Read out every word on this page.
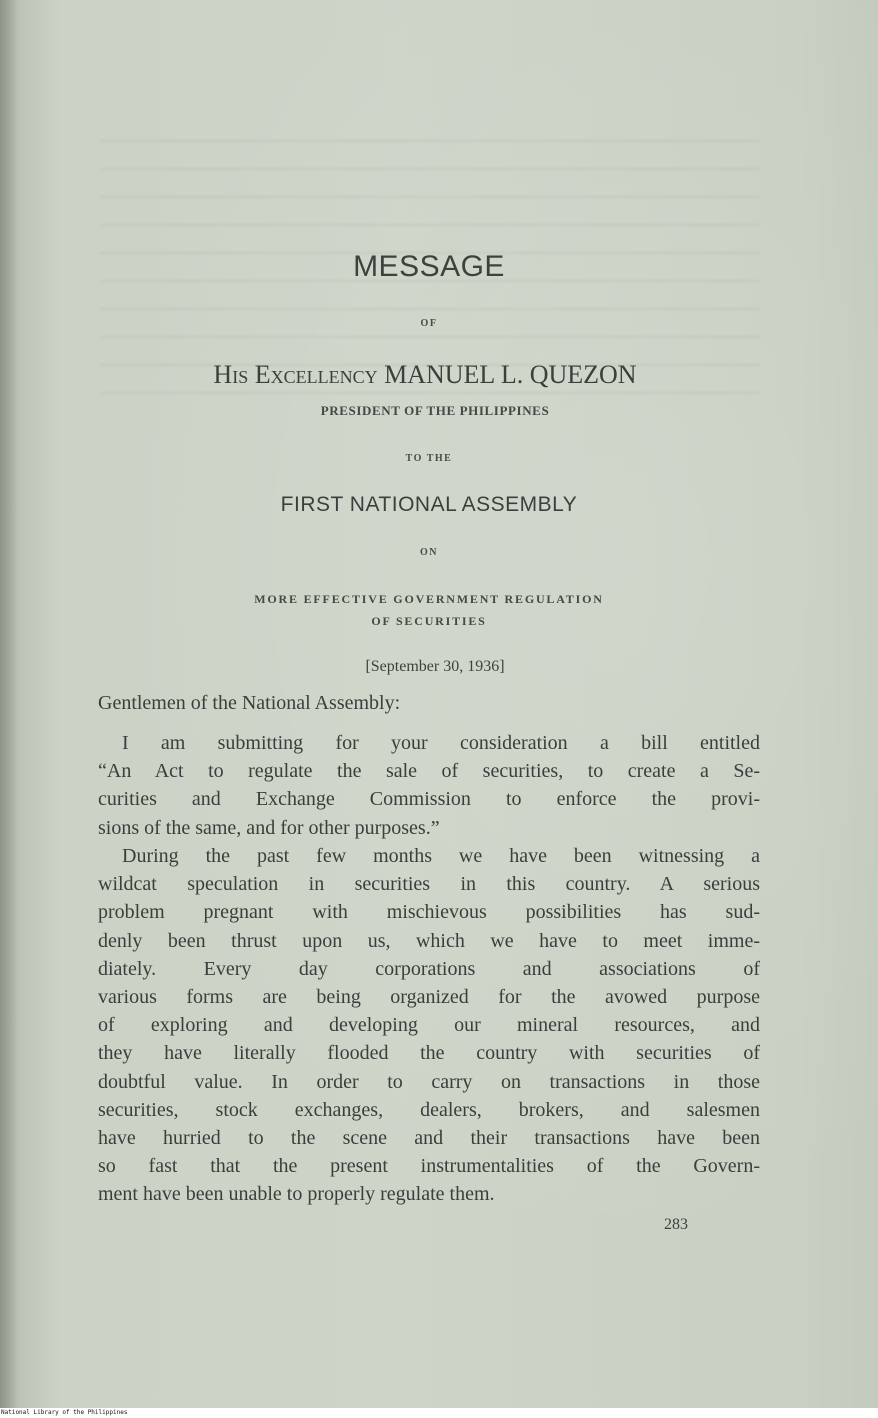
MESSAGE
OF
His Excellency MANUEL L. QUEZON
PRESIDENT OF THE PHILIPPINES
TO THE
FIRST NATIONAL ASSEMBLY
ON
MORE EFFECTIVE GOVERNMENT REGULATION
OF SECURITIES
[September 30, 1936]
Gentlemen of the National Assembly:
I am submitting for your consideration a bill entitled
“An Act to regulate the sale of securities, to create a Se-
curities and Exchange Commission to enforce the provi-
sions of the same, and for other purposes.”
During the past few months we have been witnessing a
wildcat speculation in securities in this country. A serious
problem pregnant with mischievous possibilities has sud-
denly been thrust upon us, which we have to meet imme-
diately. Every day corporations and associations of
various forms are being organized for the avowed purpose
of exploring and developing our mineral resources, and
they have literally flooded the country with securities of
doubtful value. In order to carry on transactions in those
securities, stock exchanges, dealers, brokers, and salesmen
have hurried to the scene and their transactions have been
so fast that the present instrumentalities of the Govern-
ment have been unable to properly regulate them.
283
National Library of the Philippines
